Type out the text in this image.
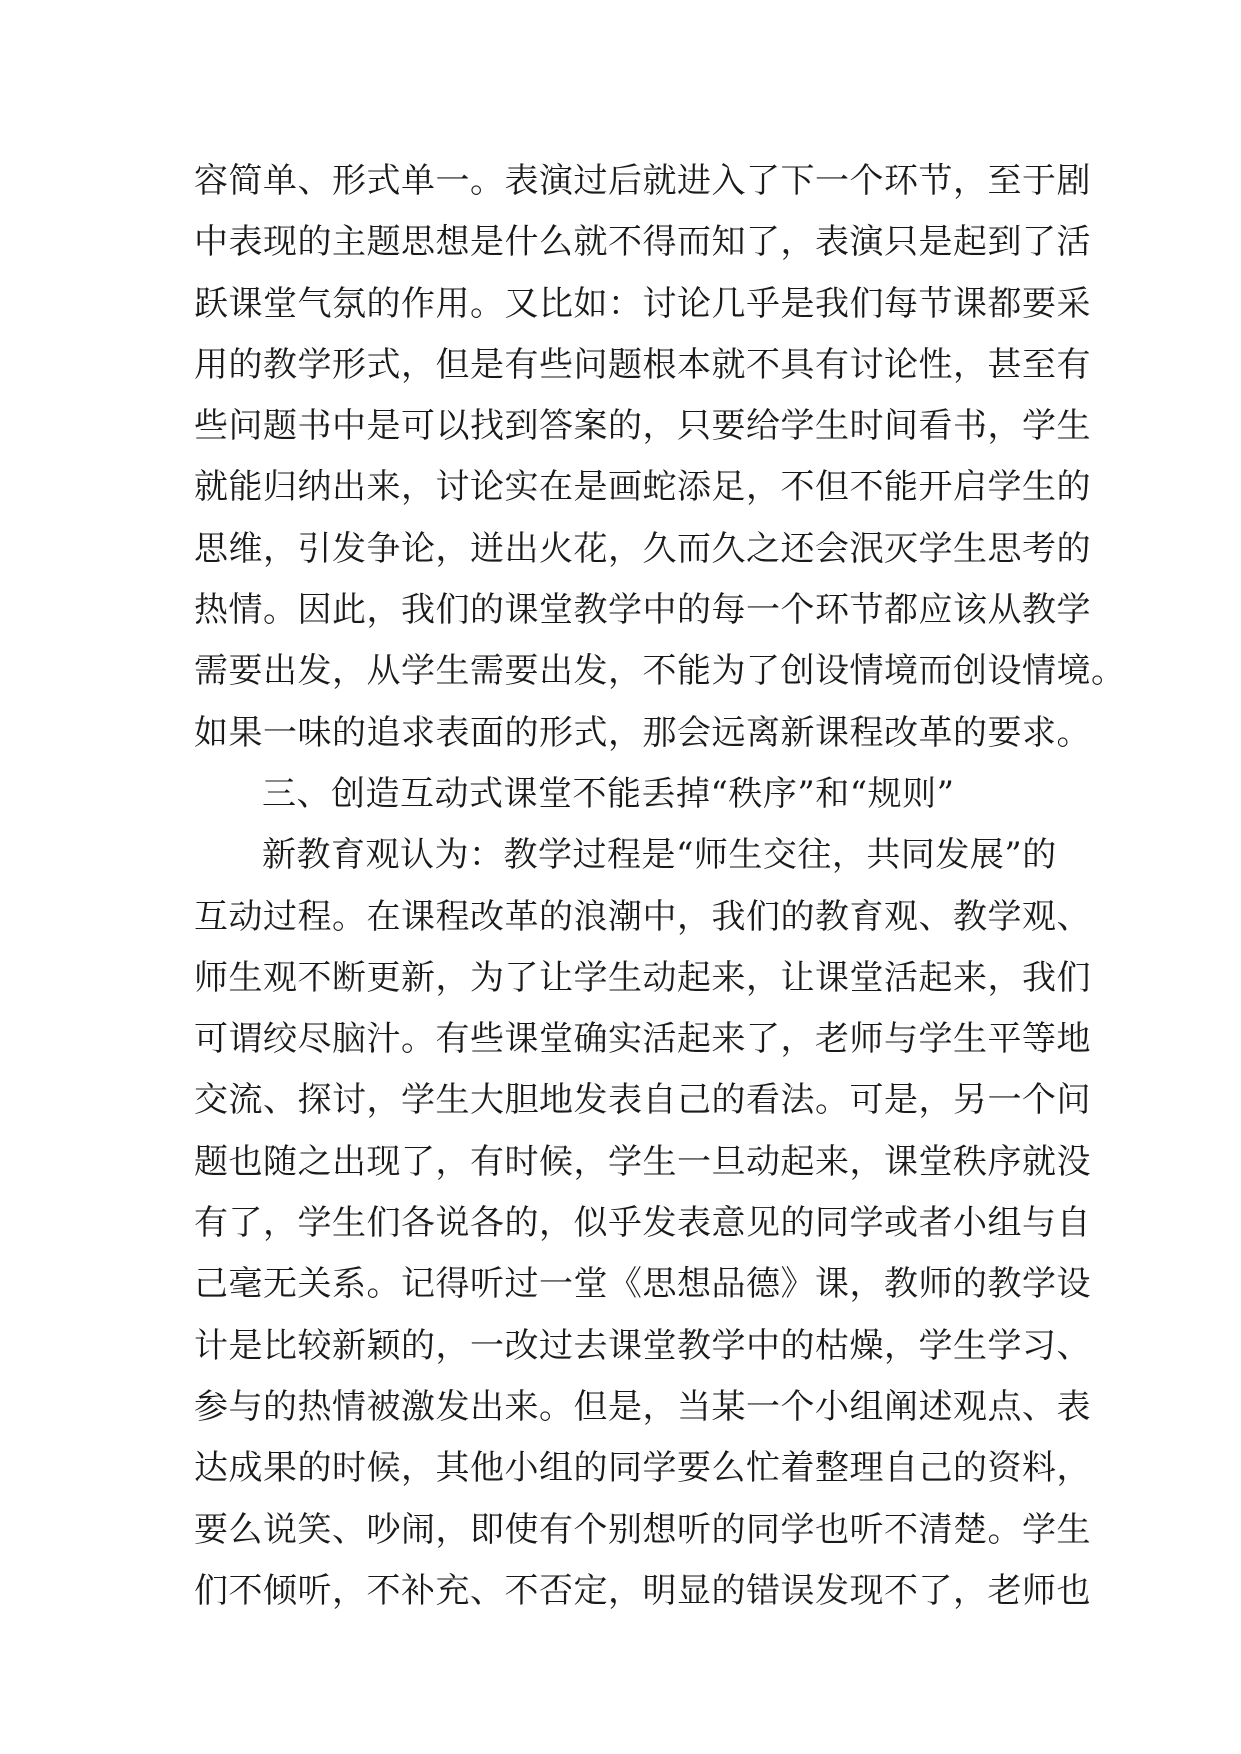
容简单、形式单一。表演过后就进入了下一个环节，至于剧
中表现的主题思想是什么就不得而知了，表演只是起到了活
跃课堂气氛的作用。又比如：讨论几乎是我们每节课都要采
用的教学形式，但是有些问题根本就不具有讨论性，甚至有
些问题书中是可以找到答案的，只要给学生时间看书，学生
就能归纳出来，讨论实在是画蛇添足，不但不能开启学生的
思维，引发争论，迸出火花，久而久之还会泯灭学生思考的
热情。因此，我们的课堂教学中的每一个环节都应该从教学
需要出发，从学生需要出发，不能为了创设情境而创设情境。
如果一味的追求表面的形式，那会远离新课程改革的要求。
三、创造互动式课堂不能丢掉“秩序”和“规则”
新教育观认为：教学过程是“师生交往，共同发展”的
互动过程。在课程改革的浪潮中，我们的教育观、教学观、
师生观不断更新，为了让学生动起来，让课堂活起来，我们
可谓绞尽脑汁。有些课堂确实活起来了，老师与学生平等地
交流、探讨，学生大胆地发表自己的看法。可是，另一个问
题也随之出现了，有时候，学生一旦动起来，课堂秩序就没
有了，学生们各说各的，似乎发表意见的同学或者小组与自
己毫无关系。记得听过一堂《思想品德》课，教师的教学设
计是比较新颖的，一改过去课堂教学中的枯燥，学生学习、
参与的热情被激发出来。但是，当某一个小组阐述观点、表
达成果的时候，其他小组的同学要么忙着整理自己的资料，
要么说笑、吵闹，即使有个别想听的同学也听不清楚。学生
们不倾听，不补充、不否定，明显的错误发现不了，老师也
